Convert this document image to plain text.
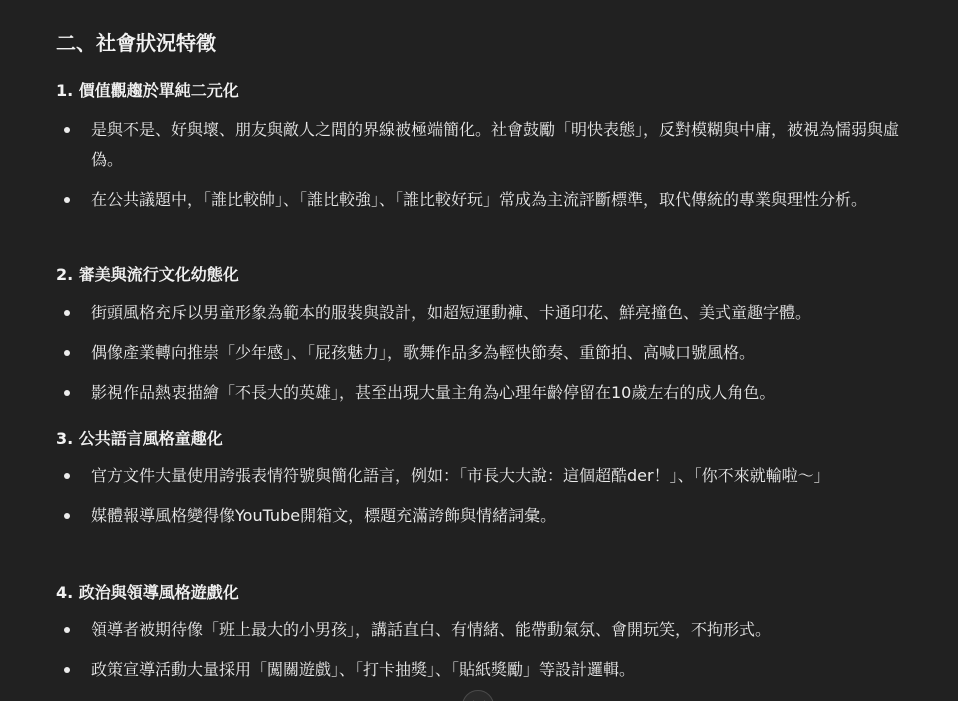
二、社會狀況特徵
1. 價值觀趨於單純二元化
是與不是、好與壞、朋友與敵人之間的界線被極端簡化。社會鼓勵「明快表態」，反對模糊與中庸，被視為懦弱與虛偽。
在公共議題中，「誰比較帥」、「誰比較強」、「誰比較好玩」常成為主流評斷標準，取代傳統的專業與理性分析。
2. 審美與流行文化幼態化
街頭風格充斥以男童形象為範本的服裝與設計，如超短運動褲、卡通印花、鮮亮撞色、美式童趣字體。
偶像產業轉向推崇「少年感」、「屁孩魅力」，歌舞作品多為輕快節奏、重節拍、高喊口號風格。
影視作品熱衷描繪「不長大的英雄」，甚至出現大量主角為心理年齡停留在10歲左右的成人角色。
3. 公共語言風格童趣化
官方文件大量使用誇張表情符號與簡化語言，例如：「市長大大說：這個超酷der！」、「你不來就輸啦～」
媒體報導風格變得像YouTube開箱文，標題充滿誇飾與情緒詞彙。
4. 政治與領導風格遊戲化
領導者被期待像「班上最大的小男孩」，講話直白、有情緒、能帶動氣氛、會開玩笑，不拘形式。
政策宣導活動大量採用「闖關遊戲」、「打卡抽獎」、「貼紙獎勵」等設計邏輯。
